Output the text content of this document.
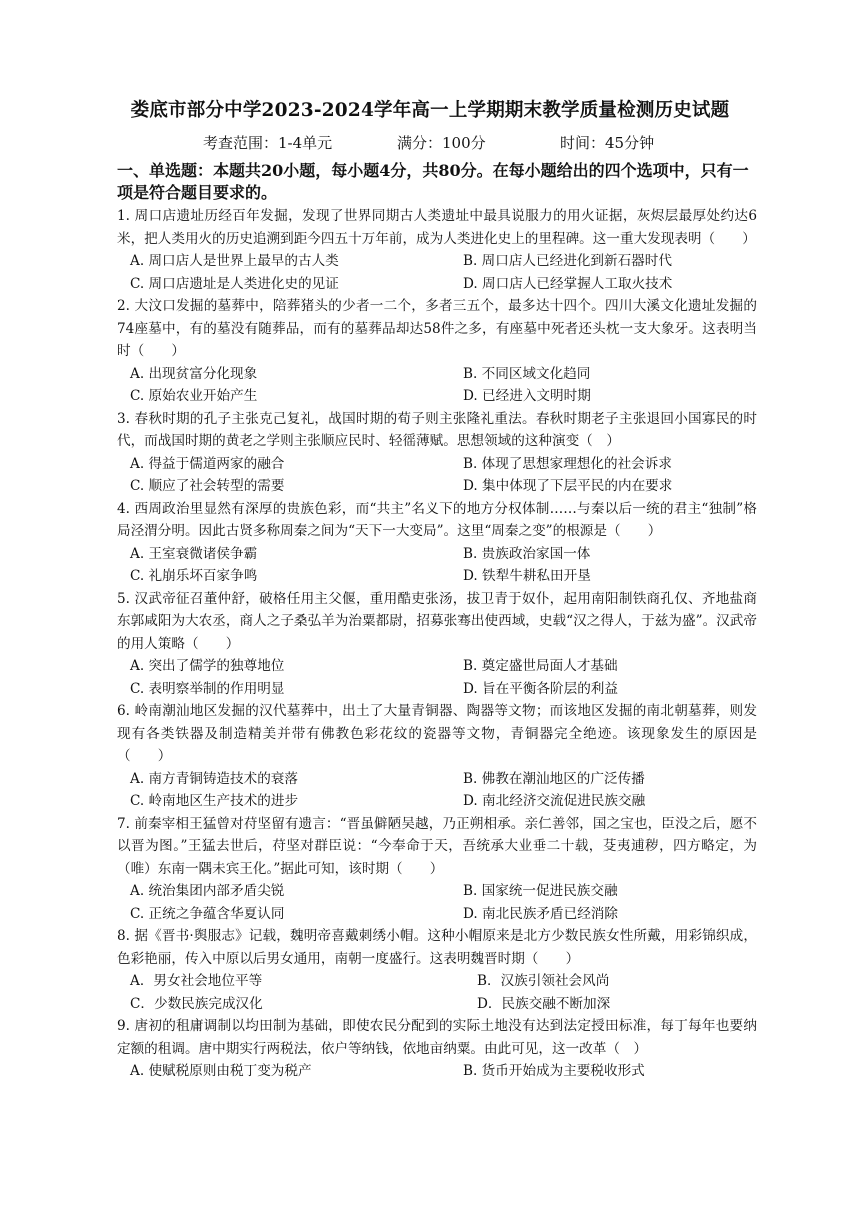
娄底市部分中学2023-2024学年高一上学期期末教学质量检测历史试题
考查范围：1-4单元	满分：100分	时间：45分钟
一、单选题：本题共20小题，每小题4分，共80分。在每小题给出的四个选项中，只有一项是符合题目要求的。
1. 周口店遗址历经百年发掘，发现了世界同期古人类遗址中最具说服力的用火证据，灰烬层最厚处约达6米，把人类用火的历史追溯到距今四五十万年前，成为人类进化史上的里程碑。这一重大发现表明（　　）
A. 周口店人是世界上最早的古人类	B. 周口店人已经进化到新石器时代
C. 周口店遗址是人类进化史的见证	D. 周口店人已经掌握人工取火技术
2. 大汶口发掘的墓葬中，陪葬猪头的少者一二个，多者三五个，最多达十四个。四川大溪文化遗址发掘的74座墓中，有的墓没有随葬品，而有的墓葬品却达58件之多，有座墓中死者还头枕一支大象牙。这表明当时（　　）
A. 出现贫富分化现象	B. 不同区域文化趋同
C. 原始农业开始产生	D. 已经进入文明时期
3. 春秋时期的孔子主张克己复礼，战国时期的荀子则主张隆礼重法。春秋时期老子主张退回小国寡民的时代，而战国时期的黄老之学则主张顺应民时、轻徭薄赋。思想领域的这种演变（　）
A. 得益于儒道两家的融合	B. 体现了思想家理想化的社会诉求
C. 顺应了社会转型的需要	D. 集中体现了下层平民的内在要求
4. 西周政治里显然有深厚的贵族色彩，而“共主”名义下的地方分权体制……与秦以后一统的君主“独制”格局泾渭分明。因此古贤多称周秦之间为“天下一大变局”。这里“周秦之变”的根源是（　　）
A. 王室衰微诸侯争霸	B. 贵族政治家国一体
C. 礼崩乐坏百家争鸣	D. 铁犁牛耕私田开垦
5. 汉武帝征召董仲舒，破格任用主父偃，重用酷吏张汤，拔卫青于奴仆，起用南阳制铁商孔仅、齐地盐商东郭咸阳为大农丞，商人之子桑弘羊为治粟都尉，招募张骞出使西域，史载“汉之得人，于兹为盛”。汉武帝的用人策略（　　）
A. 突出了儒学的独尊地位	B. 奠定盛世局面人才基础
C. 表明察举制的作用明显	D. 旨在平衡各阶层的利益
6. 岭南潮汕地区发掘的汉代墓葬中，出土了大量青铜器、陶器等文物；而该地区发掘的南北朝墓葬，则发现有各类铁器及制造精美并带有佛教色彩花纹的瓷器等文物，青铜器完全绝迹。该现象发生的原因是（　　）
A. 南方青铜铸造技术的衰落	B. 佛教在潮汕地区的广泛传播
C. 岭南地区生产技术的进步	D. 南北经济交流促进民族交融
7. 前秦宰相王猛曾对苻坚留有遗言：“晋虽僻陋吴越，乃正朔相承。亲仁善邻，国之宝也，臣没之后，愿不以晋为图。”王猛去世后，苻坚对群臣说：“今奉命于天，吾统承大业垂二十载，芟夷逋秽，四方略定，为（唯）东南一隅未宾王化。”据此可知，该时期（　　）
A. 统治集团内部矛盾尖锐	B. 国家统一促进民族交融
C. 正统之争蕴含华夏认同	D. 南北民族矛盾已经消除
8. 据《晋书·舆服志》记载，魏明帝喜戴刺绣小帽。这种小帽原来是北方少数民族女性所戴，用彩锦织成，色彩艳丽，传入中原以后男女通用，南朝一度盛行。这表明魏晋时期（　　）
A．男女社会地位平等	B．汉族引领社会风尚
C．少数民族完成汉化	D．民族交融不断加深
9. 唐初的租庸调制以均田制为基础，即使农民分配到的实际土地没有达到法定授田标准，每丁每年也要纳定额的租调。唐中期实行两税法，依户等纳钱，依地亩纳粟。由此可见，这一改革（　）
A. 使赋税原则由税丁变为税产	B. 货币开始成为主要税收形式
